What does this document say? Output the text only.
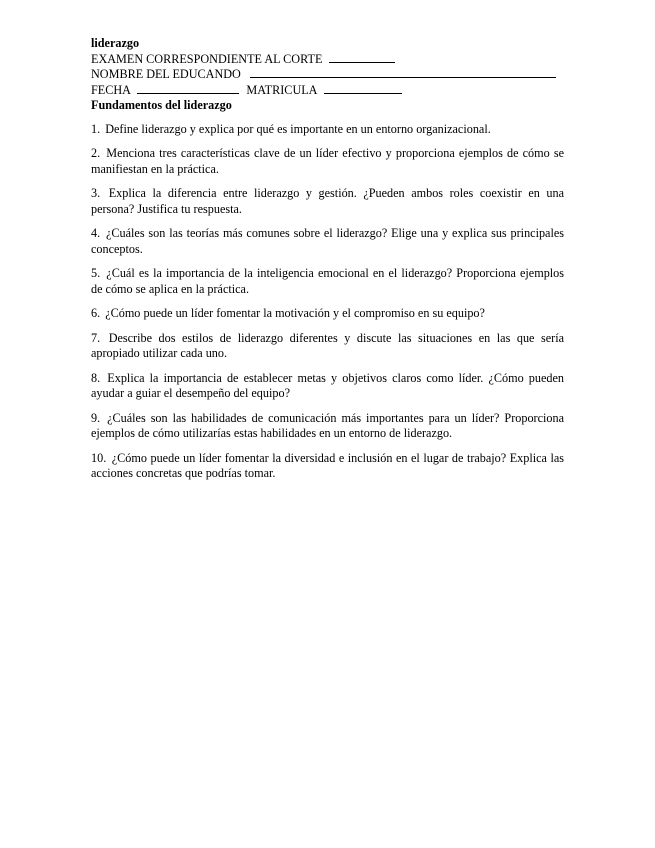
liderazgo
EXAMEN CORRESPONDIENTE AL CORTE
NOMBRE DEL EDUCANDO
FECHA	MATRICULA
Fundamentos del liderazgo

1. Define liderazgo y explica por qué es importante en un entorno organizacional.

2. Menciona tres características clave de un líder efectivo y proporciona ejemplos de cómo se manifiestan en la práctica.

3. Explica la diferencia entre liderazgo y gestión. ¿Pueden ambos roles coexistir en una persona? Justifica tu respuesta.

4. ¿Cuáles son las teorías más comunes sobre el liderazgo? Elige una y explica sus principales conceptos.

5. ¿Cuál es la importancia de la inteligencia emocional en el liderazgo? Proporciona ejemplos de cómo se aplica en la práctica.

6. ¿Cómo puede un líder fomentar la motivación y el compromiso en su equipo?

7. Describe dos estilos de liderazgo diferentes y discute las situaciones en las que sería apropiado utilizar cada uno.

8. Explica la importancia de establecer metas y objetivos claros como líder. ¿Cómo pueden ayudar a guiar el desempeño del equipo?

9. ¿Cuáles son las habilidades de comunicación más importantes para un líder? Proporciona ejemplos de cómo utilizarías estas habilidades en un entorno de liderazgo.

10. ¿Cómo puede un líder fomentar la diversidad e inclusión en el lugar de trabajo? Explica las acciones concretas que podrías tomar.
